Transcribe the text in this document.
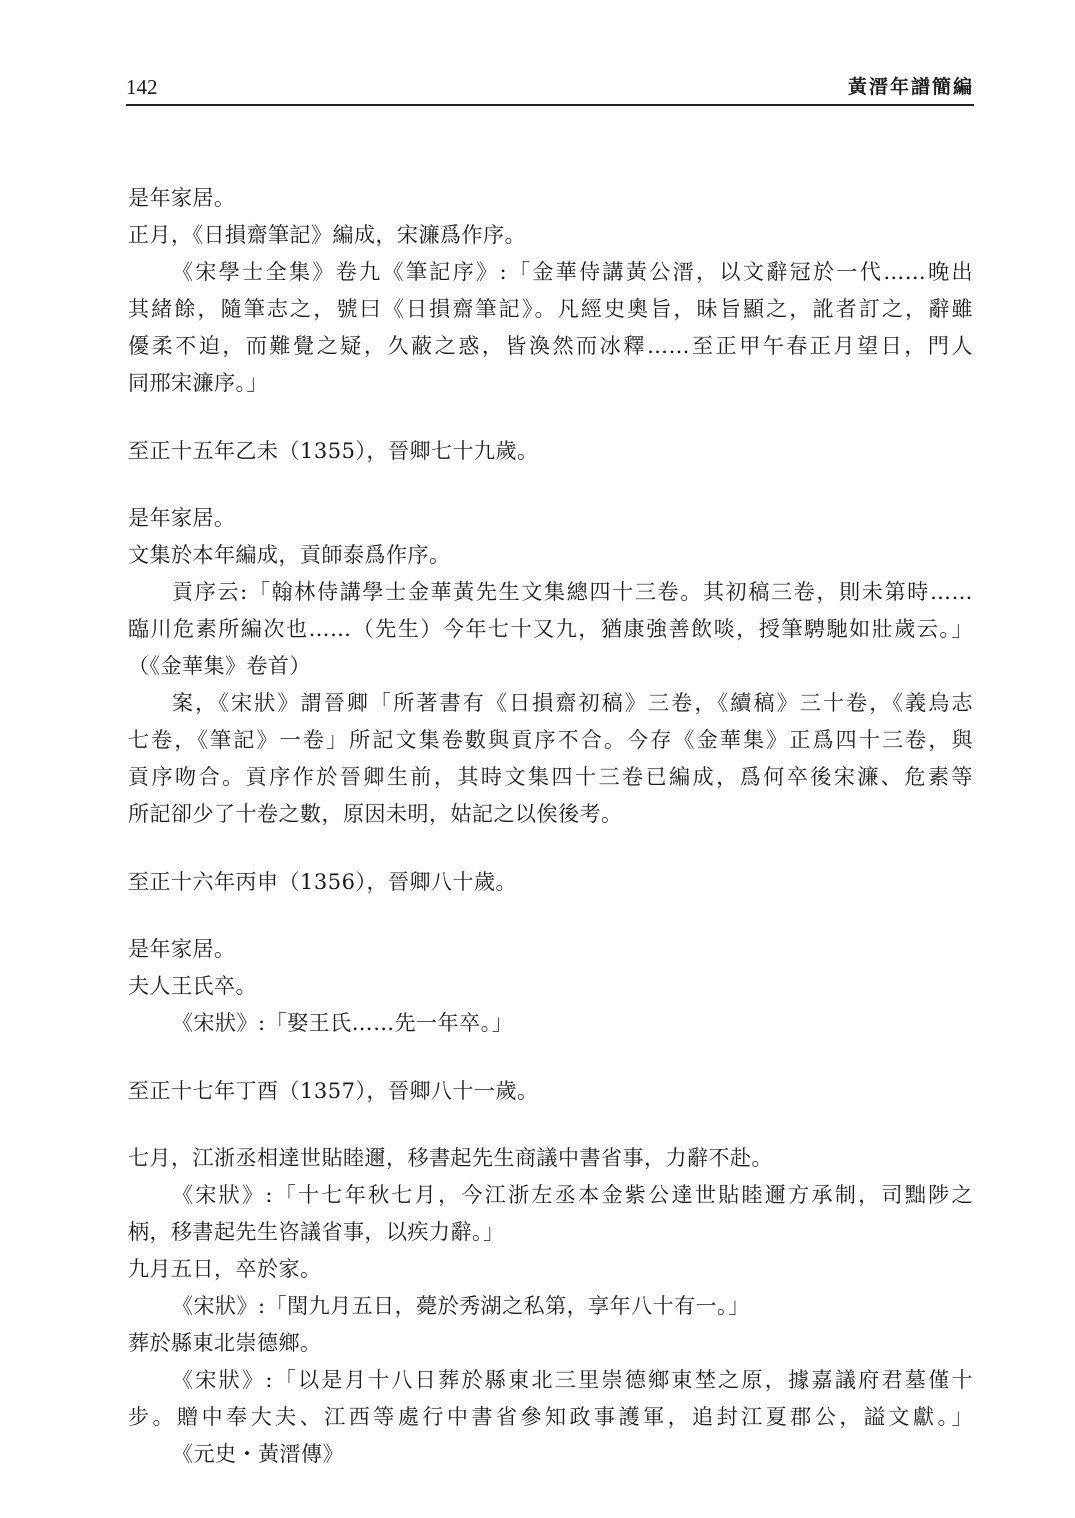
142	黃溍年譜簡編
是年家居。
正月，《日損齋筆記》編成，宋濂爲作序。
《宋學士全集》卷九《筆記序》:「金華侍講黃公溍，以文辭冠於一代……晚出
其緒餘，隨筆志之，號曰《日損齋筆記》。凡經史奧旨，昧旨顯之，訛者訂之，辭雖
優柔不迫，而難覺之疑，久蔽之惑，皆渙然而冰釋……至正甲午春正月望日，門人
同邢宋濂序。」
至正十五年乙未（1355），晉卿七十九歲。
是年家居。
文集於本年編成，貢師泰爲作序。
貢序云:「翰林侍講學士金華黃先生文集總四十三卷。其初稿三卷，則未第時……
臨川危素所編次也……（先生）今年七十又九，猶康強善飲啖，授筆騁馳如壯歲云。」
（《金華集》卷首）
案，《宋狀》謂晉卿「所著書有《日損齋初稿》三卷，《續稿》三十卷，《義烏志
七卷，《筆記》一卷」所記文集卷數與貢序不合。今存《金華集》正爲四十三卷，與
貢序吻合。貢序作於晉卿生前，其時文集四十三卷已編成，爲何卒後宋濂、危素等
所記卻少了十卷之數，原因未明，姑記之以俟後考。
至正十六年丙申（1356），晉卿八十歲。
是年家居。
夫人王氏卒。
《宋狀》:「娶王氏……先一年卒。」
至正十七年丁酉（1357），晉卿八十一歲。
七月，江浙丞相達世貼睦邇，移書起先生商議中書省事，力辭不赴。
《宋狀》:「十七年秋七月，今江浙左丞本金紫公達世貼睦邇方承制，司黜陟之
柄，移書起先生咨議省事，以疾力辭。」
九月五日，卒於家。
《宋狀》:「閏九月五日，薨於秀湖之私第，享年八十有一。」
葬於縣東北崇德鄉。
《宋狀》:「以是月十八日葬於縣東北三里崇德鄉東埜之原，據嘉議府君墓僅十
步。贈中奉大夫、江西等處行中書省參知政事護軍，追封江夏郡公，謚文獻。」
《元史・黃溍傳》
